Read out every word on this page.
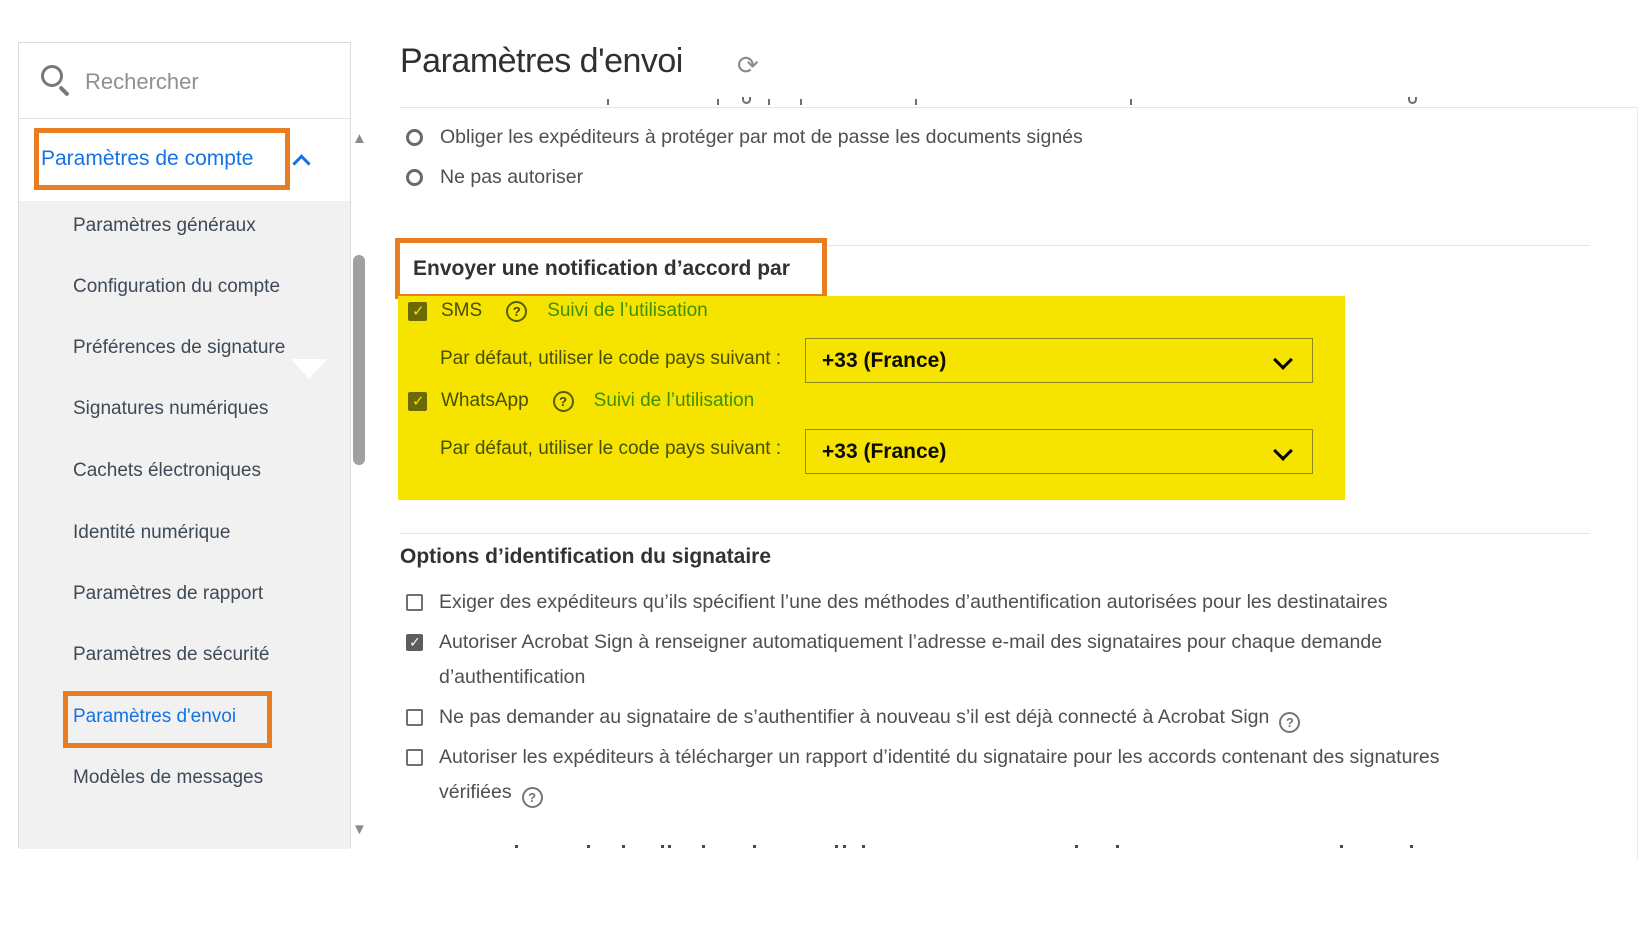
Rechercher
Paramètres de compte
Paramètres généraux
Configuration du compte
Préférences de signature
Signatures numériques
Cachets électroniques
Identité numérique
Paramètres de rapport
Paramètres de sécurité
Paramètres d'envoi
Modèles de messages
▲
▼
Paramètres d'envoi ⟳
Obliger les expéditeurs à protéger par mot de passe les documents signés
Ne pas autoriser
Envoyer une notification d’accord par
✓
SMS	?	Suivi de l’utilisation
Par défaut, utiliser le code pays suivant : +33 (France)
✓
WhatsApp	?	Suivi de l’utilisation
Par défaut, utiliser le code pays suivant : +33 (France)
Options d’identification du signataire
Exiger des expéditeurs qu’ils spécifient l’une des méthodes d’authentification autorisées pour les destinataires
✓
Autoriser Acrobat Sign à renseigner automatiquement l’adresse e-mail des signataires pour chaque demande d’authentification
Ne pas demander au signataire de s’authentifier à nouveau s’il est déjà connecté à Acrobat Sign ?
Autoriser les expéditeurs à télécharger un rapport d’identité du signataire pour les accords contenant des signatures vérifiées ?
